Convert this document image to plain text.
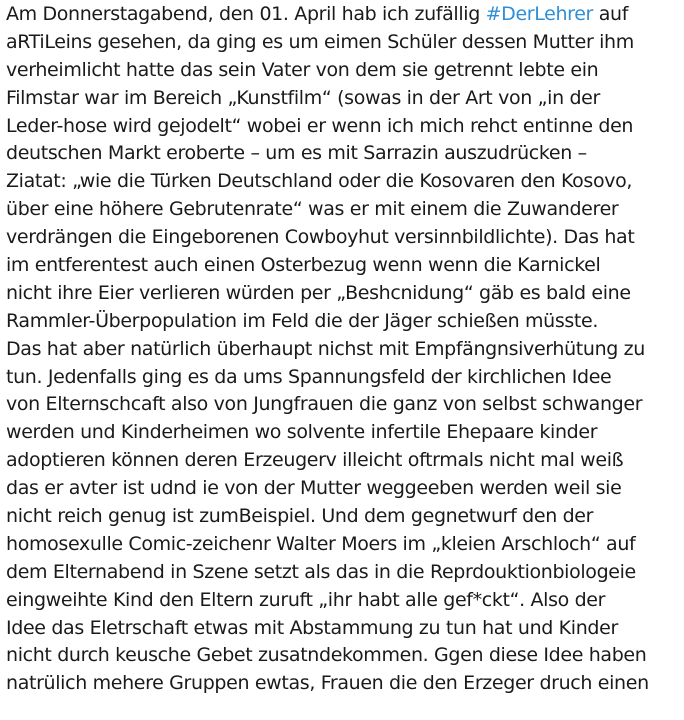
Am Donnerstagabend, den 01. April hab ich zufällig #DerLehrer auf
aRTiLeins gesehen, da ging es um eimen Schüler dessen Mutter ihm
verheimlicht hatte das sein Vater von dem sie getrennt lebte ein
Filmstar war im Bereich „Kunstfilm“ (sowas in der Art von „in der
Leder-hose wird gejodelt“ wobei er wenn ich mich rehct entinne den
deutschen Markt eroberte – um es mit Sarrazin auszudrücken –
Ziatat: „wie die Türken Deutschland oder die Kosovaren den Kosovo,
über eine höhere Gebrutenrate“ was er mit einem die Zuwanderer
verdrängen die Eingeborenen Cowboyhut versinnbildlichte). Das hat
im entferentest auch einen Osterbezug wenn wenn die Karnickel
nicht ihre Eier verlieren würden per „Beshcnidung“ gäb es bald eine
Rammler-Überpopulation im Feld die der Jäger schießen müsste.
Das hat aber natürlich überhaupt nichst mit Empfängnsiverhütung zu
tun. Jedenfalls ging es da ums Spannungsfeld der kirchlichen Idee
von Elternschcaft also von Jungfrauen die ganz von selbst schwanger
werden und Kinderheimen wo solvente infertile Ehepaare kinder
adoptieren können deren Erzeugerv illeicht oftrmals nicht mal weiß
das er avter ist udnd ie von der Mutter weggeeben werden weil sie
nicht reich genug ist zumBeispiel. Und dem gegnetwurf den der
homosexulle Comic-zeichenr Walter Moers im „kleien Arschloch“ auf
dem Elternabend in Szene setzt als das in die Reprdouktionbiologeie
eingweihte Kind den Eltern zuruft „ihr habt alle gef*ckt“. Also der
Idee das Eletrschaft etwas mit Abstammung zu tun hat und Kinder
nicht durch keusche Gebet zusatndekommen. Ggen diese Idee haben
natrülich mehere Gruppen ewtas, Frauen die den Erzeger druch einen
